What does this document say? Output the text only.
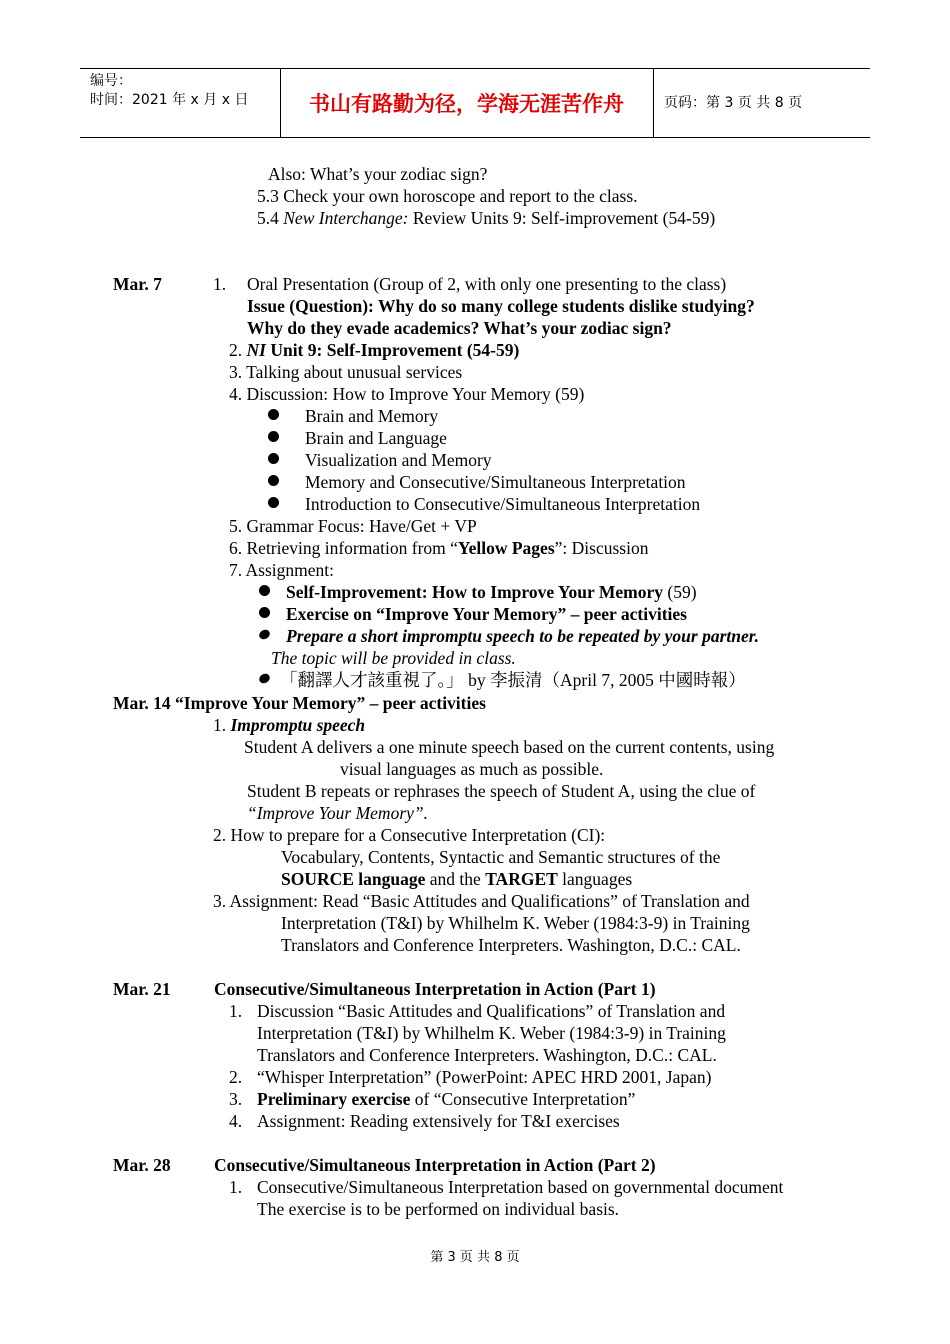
编号：
时间：2021 年 x 月 x 日	书山有路勤为径，学海无涯苦作舟	页码：第 3 页 共 8 页
Also: What’s your zodiac sign?
5.3 Check your own horoscope and report to the class.
5.4 New Interchange: Review Units 9: Self-improvement (54-59)
Mar. 7	1. Oral Presentation (Group of 2, with only one presenting to the class)
Issue (Question): Why do so many college students dislike studying?
Why do they evade academics? What’s your zodiac sign?
2. NI Unit 9: Self-Improvement (54-59)
3. Talking about unusual services
4. Discussion: How to Improve Your Memory (59)
Brain and Memory
Brain and Language
Visualization and Memory
Memory and Consecutive/Simultaneous Interpretation
Introduction to Consecutive/Simultaneous Interpretation
5. Grammar Focus: Have/Get + VP
6. Retrieving information from “Yellow Pages”: Discussion
7. Assignment:
Self-Improvement: How to Improve Your Memory (59)
Exercise on “Improve Your Memory” – peer activities
Prepare a short impromptu speech to be repeated by your partner.
The topic will be provided in class.
「翻譯人才該重視了。」 by 李振清（April 7, 2005 中國時報）
Mar. 14 “Improve Your Memory” – peer activities
1. Impromptu speech
Student A delivers a one minute speech based on the current contents, using
visual languages as much as possible.
Student B repeats or rephrases the speech of Student A, using the clue of
“Improve Your Memory”.
2. How to prepare for a Consecutive Interpretation (CI):
Vocabulary, Contents, Syntactic and Semantic structures of the
SOURCE language and the TARGET languages
3. Assignment: Read “Basic Attitudes and Qualifications” of Translation and
Interpretation (T&I) by Whilhelm K. Weber (1984:3-9) in Training
Translators and Conference Interpreters. Washington, D.C.: CAL.
Mar. 21 Consecutive/Simultaneous Interpretation in Action (Part 1)
1. Discussion “Basic Attitudes and Qualifications” of Translation and
Interpretation (T&I) by Whilhelm K. Weber (1984:3-9) in Training
Translators and Conference Interpreters. Washington, D.C.: CAL.
2. “Whisper Interpretation” (PowerPoint: APEC HRD 2001, Japan)
3. Preliminary exercise of “Consecutive Interpretation”
4. Assignment: Reading extensively for T&I exercises
Mar. 28 Consecutive/Simultaneous Interpretation in Action (Part 2)
1. Consecutive/Simultaneous Interpretation based on governmental document
The exercise is to be performed on individual basis.
第 3 页 共 8 页
